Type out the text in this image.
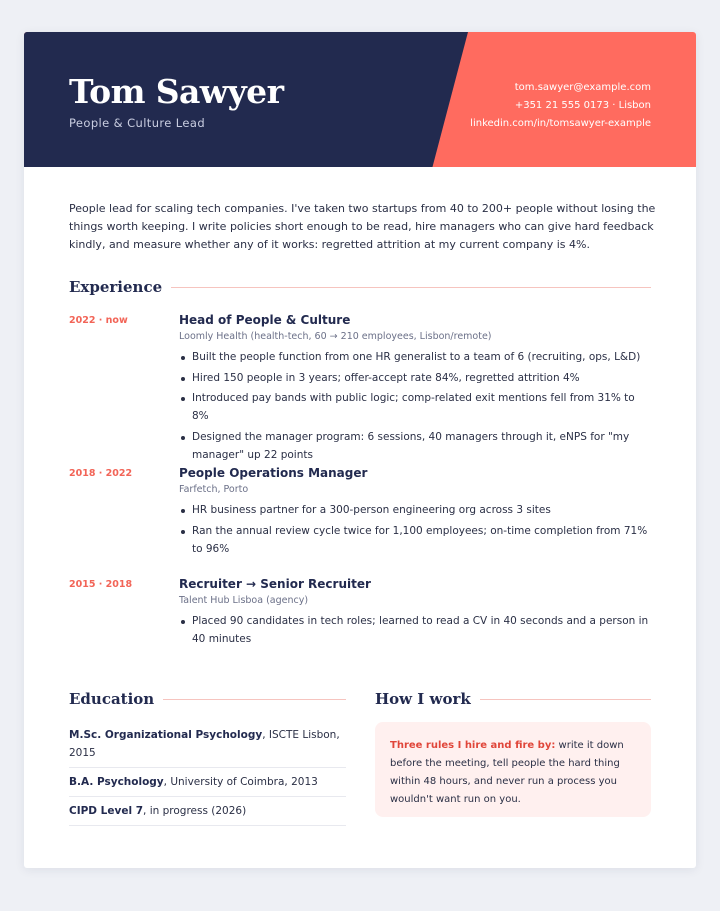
Tom Sawyer
People & Culture Lead
tom.sawyer@example.com
+351 21 555 0173 · Lisbon
linkedin.com/in/tomsawyer-example

People lead for scaling tech companies. I've taken two startups from 40 to 200+ people without losing the things worth keeping. I write policies short enough to be read, hire managers who can give hard feedback kindly, and measure whether any of it works: regretted attrition at my current company is 4%.

Experience
2022 · now	Head of People & Culture
Loomly Health (health-tech, 60 → 210 employees, Lisbon/remote)
Built the people function from one HR generalist to a team of 6 (recruiting, ops, L&D)
Hired 150 people in 3 years; offer-accept rate 84%, regretted attrition 4%
Introduced pay bands with public logic; comp-related exit mentions fell from 31% to 8%
Designed the manager program: 6 sessions, 40 managers through it, eNPS for "my manager" up 22 points
2018 · 2022	People Operations Manager
Farfetch, Porto
HR business partner for a 300-person engineering org across 3 sites
Ran the annual review cycle twice for 1,100 employees; on-time completion from 71% to 96%
2015 · 2018	Recruiter → Senior Recruiter
Talent Hub Lisboa (agency)
Placed 90 candidates in tech roles; learned to read a CV in 40 seconds and a person in 40 minutes
Education
M.Sc. Organizational Psychology, ISCTE Lisbon, 2015
B.A. Psychology, University of Coimbra, 2013
CIPD Level 7, in progress (2026)
How I work
Three rules I hire and fire by: write it down before the meeting, tell people the hard thing within 48 hours, and never run a process you wouldn't want run on you.
